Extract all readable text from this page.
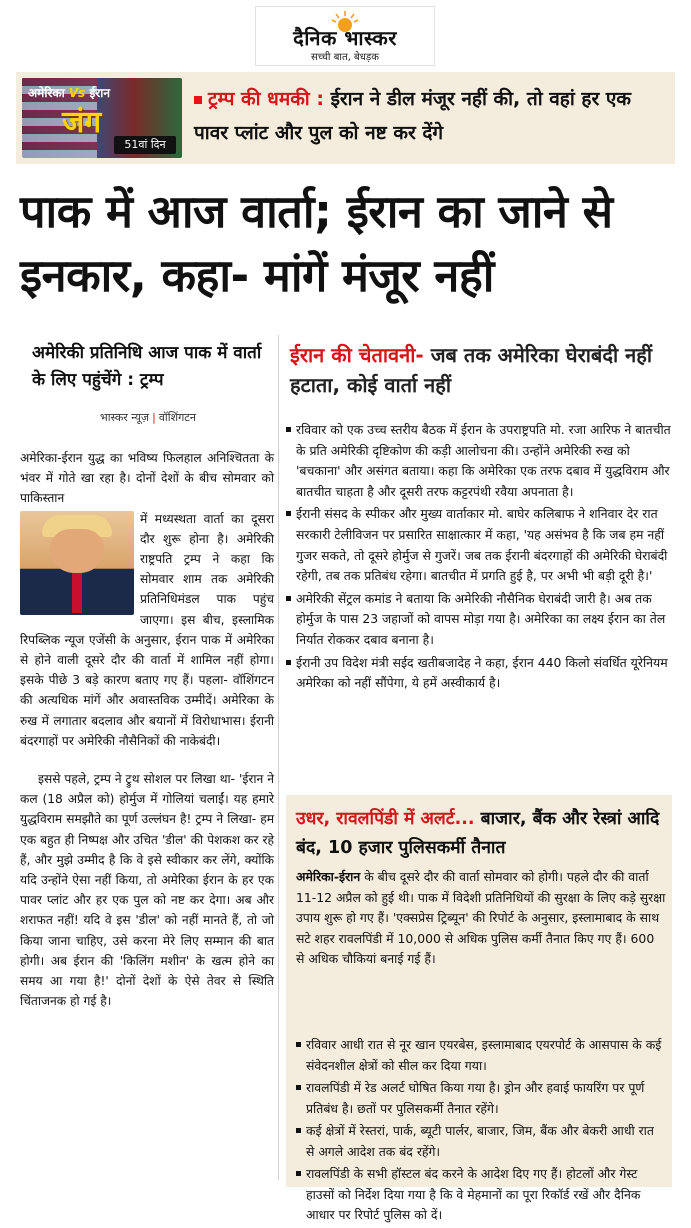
दैनिक भास्कर
सच्ची बात, बेधड़क
अमेरिका Vs ईरान
जंग
51वां दिन
ट्रम्प की धमकी : ईरान ने डील मंजूर नहीं की, तो वहां हर एक पावर प्लांट और पुल को नष्ट कर देंगे
पाक में आज वार्ता; ईरान का जाने से इनकार, कहा- मांगें मंजूर नहीं
अमेरिकी प्रतिनिधि आज पाक में वार्ता के लिए पहुंचेंगे : ट्रम्प
भास्कर न्यूज़ | वॉशिंगटन

अमेरिका-ईरान युद्ध का भविष्य फिलहाल अनिश्चितता के भंवर में गोते खा रहा है। दोनों देशों के बीच सोमवार को पाकिस्तान

में मध्यस्थता वार्ता का दूसरा दौर शुरू होना है। अमेरिकी राष्ट्रपति ट्रम्प ने कहा कि सोमवार शाम तक अमेरिकी प्रतिनिधिमंडल पाक पहुंच जाएगा। इस बीच, इस्लामिक रिपब्लिक न्यूज एजेंसी के अनुसार, ईरान पाक में अमेरिका से होने वाली दूसरे दौर की वार्ता में शामिल नहीं होगा। इसके पीछे 3 बड़े कारण बताए गए हैं। पहला- वॉशिंगटन की अत्यधिक मांगें और अवास्तविक उम्मीदें। अमेरिका के रुख में लगातार बदलाव और बयानों में विरोधाभास। ईरानी बंदरगाहों पर अमेरिकी नौसैनिकों की नाकेबंदी।

इससे पहले, ट्रम्प ने ट्रुथ सोशल पर लिखा था- 'ईरान ने कल (18 अप्रैल को) होर्मुज में गोलियां चलाईं। यह हमारे युद्धविराम समझौते का पूर्ण उल्लंघन है! ट्रम्प ने लिखा- हम एक बहुत ही निष्पक्ष और उचित 'डील' की पेशकश कर रहे हैं, और मुझे उम्मीद है कि वे इसे स्वीकार कर लेंगे, क्योंकि यदि उन्होंने ऐसा नहीं किया, तो अमेरिका ईरान के हर एक पावर प्लांट और हर एक पुल को नष्ट कर देगा। अब और शराफत नहीं! यदि वे इस 'डील' को नहीं मानते हैं, तो जो किया जाना चाहिए, उसे करना मेरे लिए सम्मान की बात होगी। अब ईरान की 'किलिंग मशीन' के खत्म होने का समय आ गया है!' दोनों देशों के ऐसे तेवर से स्थिति चिंताजनक हो गई है।

ईरान की चेतावनी- जब तक अमेरिका घेराबंदी नहीं हटाता, कोई वार्ता नहीं
रविवार को एक उच्च स्तरीय बैठक में ईरान के उपराष्ट्रपति मो. रजा आरिफ ने बातचीत के प्रति अमेरिकी दृष्टिकोण की कड़ी आलोचना की। उन्होंने अमेरिकी रुख को 'बचकाना' और असंगत बताया। कहा कि अमेरिका एक तरफ दबाव में युद्धविराम और बातचीत चाहता है और दूसरी तरफ कट्टरपंथी रवैया अपनाता है।
ईरानी संसद के स्पीकर और मुख्य वार्ताकार मो. बाघेर कलिबाफ ने शनिवार देर रात सरकारी टेलीविजन पर प्रसारित साक्षात्कार में कहा, 'यह असंभव है कि जब हम नहीं गुजर सकते, तो दूसरे होर्मुज से गुजरें। जब तक ईरानी बंदरगाहों की अमेरिकी घेराबंदी रहेगी, तब तक प्रतिबंध रहेगा। बातचीत में प्रगति हुई है, पर अभी भी बड़ी दूरी है।'
अमेरिकी सेंट्रल कमांड ने बताया कि अमेरिकी नौसैनिक घेराबंदी जारी है। अब तक होर्मुज के पास 23 जहाजों को वापस मोड़ा गया है। अमेरिका का लक्ष्य ईरान का तेल निर्यात रोककर दबाव बनाना है।
ईरानी उप विदेश मंत्री सईद खतीबजादेह ने कहा, ईरान 440 किलो संवर्धित यूरेनियम अमेरिका को नहीं सौंपेगा, ये हमें अस्वीकार्य है।
उधर, रावलपिंडी में अलर्ट... बाजार, बैंक और रेस्त्रां आदि बंद, 10 हजार पुलिसकर्मी तैनात
अमेरिका-ईरान के बीच दूसरे दौर की वार्ता सोमवार को होगी। पहले दौर की वार्ता 11-12 अप्रैल को हुई थी। पाक में विदेशी प्रतिनिधियों की सुरक्षा के लिए कड़े सुरक्षा उपाय शुरू हो गए हैं। 'एक्सप्रेस ट्रिब्यून' की रिपोर्ट के अनुसार, इस्लामाबाद के साथ सटे शहर रावलपिंडी में 10,000 से अधिक पुलिस कर्मी तैनात किए गए हैं। 600 से अधिक चौकियां बनाई गई हैं।
रविवार आधी रात से नूर खान एयरबेस, इस्लामाबाद एयरपोर्ट के आसपास के कई संवेदनशील क्षेत्रों को सील कर दिया गया।
रावलपिंडी में रेड अलर्ट घोषित किया गया है। ड्रोन और हवाई फायरिंग पर पूर्ण प्रतिबंध है। छतों पर पुलिसकर्मी तैनात रहेंगे।
कई क्षेत्रों में रेस्तरां, पार्क, ब्यूटी पार्लर, बाजार, जिम, बैंक और बेकरी आधी रात से अगले आदेश तक बंद रहेंगे।
रावलपिंडी के सभी हॉस्टल बंद करने के आदेश दिए गए हैं। होटलों और गेस्ट हाउसों को निर्देश दिया गया है कि वे मेहमानों का पूरा रिकॉर्ड रखें और दैनिक आधार पर रिपोर्ट पुलिस को दें।
